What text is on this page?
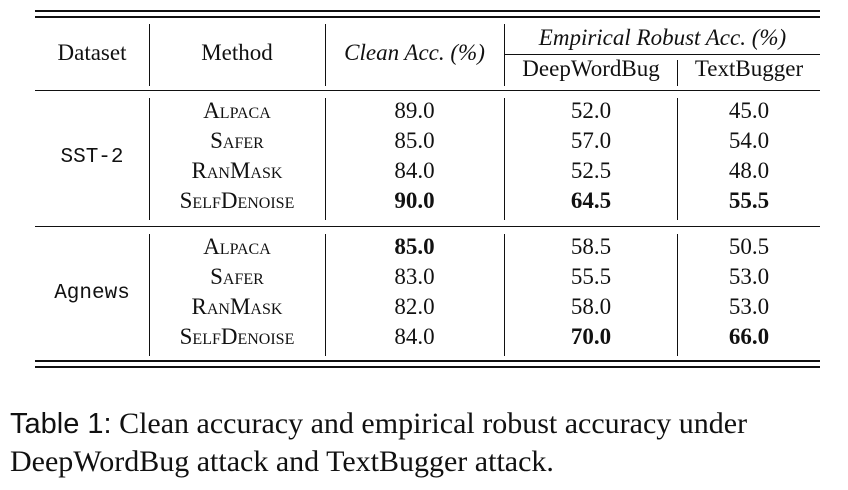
Dataset	Method	Clean Acc. (%)
Empirical Robust Acc. (%)
DeepWordBug	TextBugger
SST-2
Alpaca	89.0	52.0	45.0
Safer	85.0	57.0	54.0
RanMask	84.0	52.5	48.0
SelfDenoise	90.0	64.5	55.5
Agnews
Alpaca	85.0	58.5	50.5
Safer	83.0	55.5	53.0
RanMask	82.0	58.0	53.0
SelfDenoise	84.0	70.0	66.0
Table 1: Clean accuracy and empirical robust accuracy under DeepWordBug attack and TextBugger attack.
